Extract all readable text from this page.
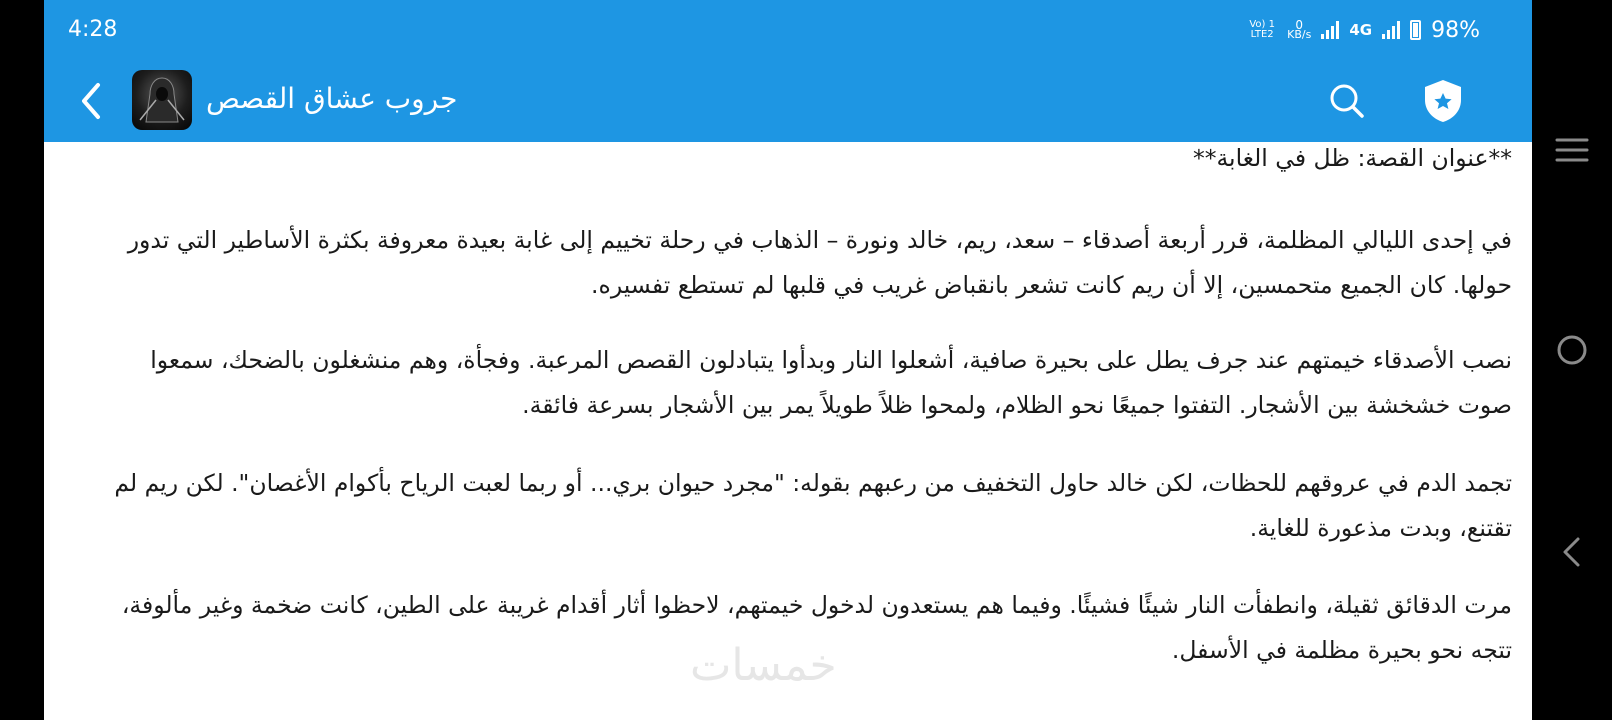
4:28	Vo) 1 LTE2
0
KB/s	4G	98%
جروب عشاق القصص

**عنوان القصة: ظل في الغابة**

في إحدى الليالي المظلمة، قرر أربعة أصدقاء – سعد، ريم، خالد ونورة – الذهاب في رحلة تخييم إلى غابة بعيدة معروفة بكثرة الأساطير التي تدور حولها. كان الجميع متحمسين، إلا أن ريم كانت تشعر بانقباض غريب في قلبها لم تستطع تفسيره.

نصب الأصدقاء خيمتهم عند جرف يطل على بحيرة صافية، أشعلوا النار وبدأوا يتبادلون القصص المرعبة. وفجأة، وهم منشغلون بالضحك، سمعوا صوت خشخشة بين الأشجار. التفتوا جميعًا نحو الظلام، ولمحوا ظلاً طويلاً يمر بين الأشجار بسرعة فائقة.

تجمد الدم في عروقهم للحظات، لكن خالد حاول التخفيف من رعبهم بقوله: "مجرد حيوان بري... أو ربما لعبت الرياح بأكوام الأغصان". لكن ريم لم تقتنع، وبدت مذعورة للغاية.

مرت الدقائق ثقيلة، وانطفأت النار شيئًا فشيئًا. وفيما هم يستعدون لدخول خيمتهم، لاحظوا أثار أقدام غريبة على الطين، كانت ضخمة وغير مألوفة، تتجه نحو بحيرة مظلمة في الأسفل.

خمسات
